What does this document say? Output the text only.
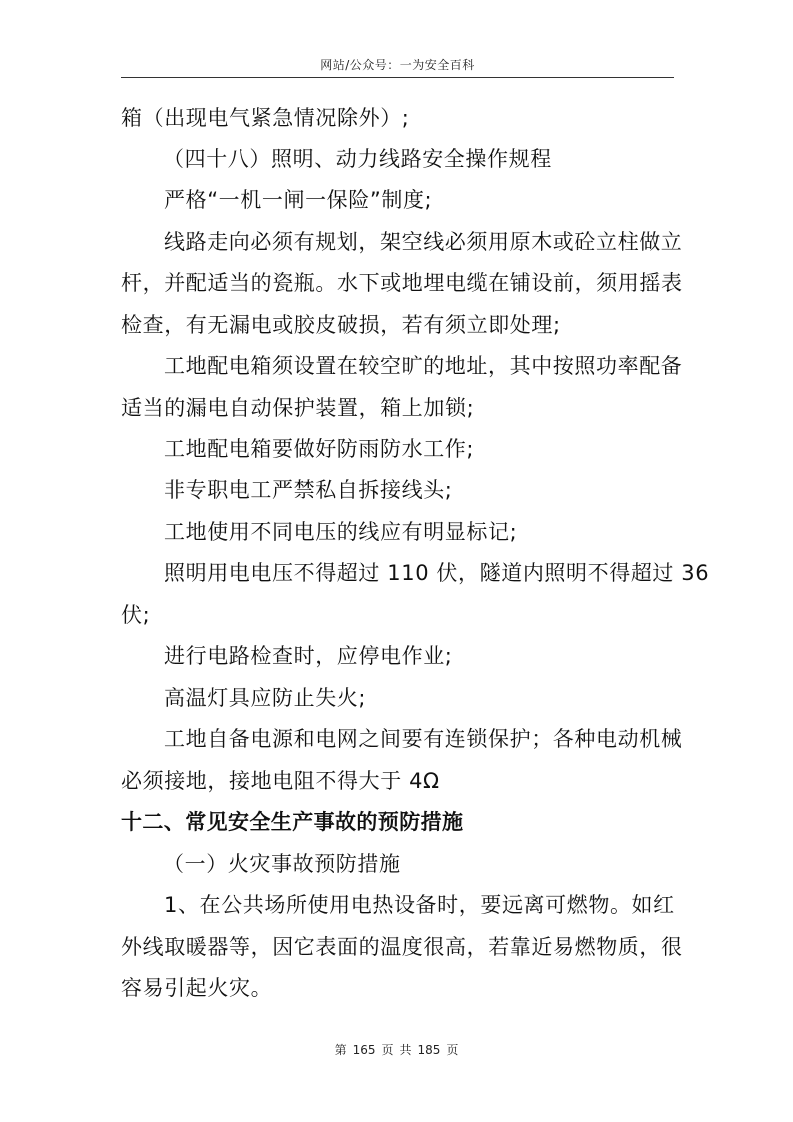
网站/公众号：一为安全百科
箱（出现电气紧急情况除外）;
（四十八）照明、动力线路安全操作规程
严格“一机一闸一保险”制度;
线路走向必须有规划，架空线必须用原木或砼立柱做立
杆，并配适当的瓷瓶。水下或地埋电缆在铺设前，须用摇表
检查，有无漏电或胶皮破损，若有须立即处理;
工地配电箱须设置在较空旷的地址，其中按照功率配备
适当的漏电自动保护装置，箱上加锁;
工地配电箱要做好防雨防水工作;
非专职电工严禁私自拆接线头;
工地使用不同电压的线应有明显标记;
照明用电电压不得超过 110 伏，隧道内照明不得超过 36
伏;
进行电路检查时，应停电作业;
高温灯具应防止失火;
工地自备电源和电网之间要有连锁保护；各种电动机械
必须接地，接地电阻不得大于 4Ω
十二、常见安全生产事故的预防措施
（一）火灾事故预防措施
1、在公共场所使用电热设备时，要远离可燃物。如红
外线取暖器等，因它表面的温度很高，若靠近易燃物质，很
容易引起火灾。
第 165 页 共 185 页
